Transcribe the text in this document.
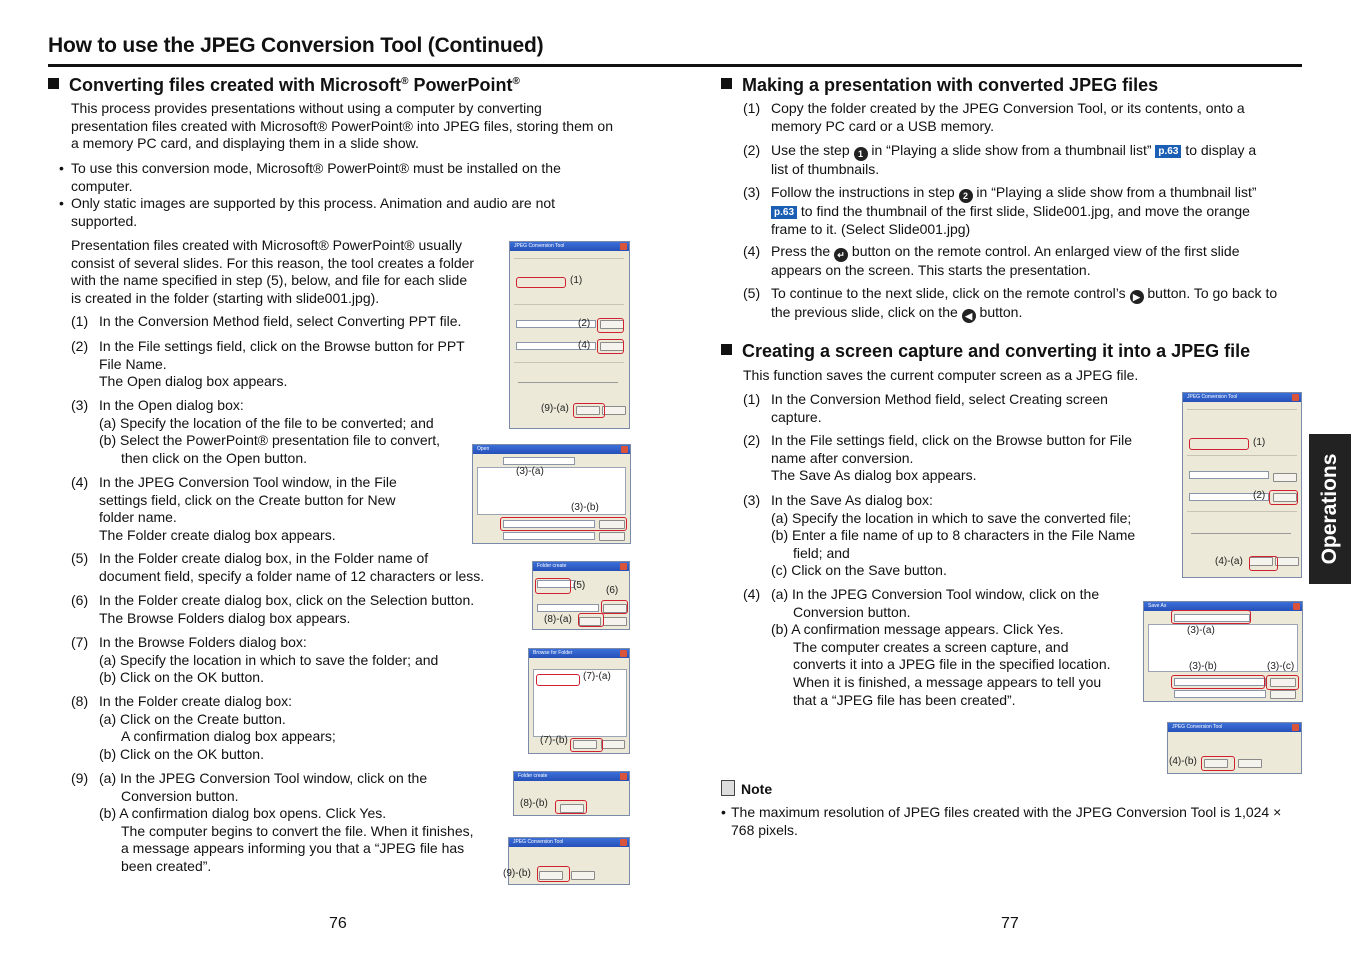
How to use the JPEG Conversion Tool (Continued)
Operations
Converting files created with Microsoft® PowerPoint®
This process provides presentations without using a computer by converting
presentation files created with Microsoft® PowerPoint® into JPEG files, storing them on
a memory PC card, and displaying them in a slide show.
• To use this conversion mode, Microsoft® PowerPoint® must be installed on the
computer.
• Only static images are supported by this process. Animation and audio are not
supported.
Presentation files created with Microsoft® PowerPoint® usually
consist of several slides. For this reason, the tool creates a folder
with the name specified in step (5), below, and file for each slide
is created in the folder (starting with slide001.jpg).
(1) In the Conversion Method field, select Converting PPT file.
(2) In the File settings field, click on the Browse button for PPT
File Name.
The Open dialog box appears.
(3) In the Open dialog box:
(a) Specify the location of the file to be converted; and
(b) Select the PowerPoint® presentation file to convert,
then click on the Open button.
(4) In the JPEG Conversion Tool window, in the File
settings field, click on the Create button for New
folder name.
The Folder create dialog box appears.
(5) In the Folder create dialog box, in the Folder name of
document field, specify a folder name of 12 characters or less.
(6) In the Folder create dialog box, click on the Selection button.
The Browse Folders dialog box appears.
(7) In the Browse Folders dialog box:
(a) Specify the location in which to save the folder; and
(b) Click on the OK button.
(8) In the Folder create dialog box:
(a) Click on the Create button.
A confirmation dialog box appears;
(b) Click on the OK button.
(9) (a) In the JPEG Conversion Tool window, click on the
Conversion button.
(b) A confirmation dialog box opens. Click Yes.
The computer begins to convert the file. When it finishes,
a message appears informing you that a “JPEG file has
been created”.
JPEG Conversion Tool
(1)
(2)
(4)
(9)-(a)
Open
(3)-(a)
(3)-(b)
Folder create
(5) (6)
(8)-(a)
Browse for Folder
(7)-(a)
(7)-(b)
Folder create
(8)-(b)
JPEG Conversion Tool
(9)-(b)
76
Making a presentation with converted JPEG files
(1) Copy the folder created by the JPEG Conversion Tool, or its contents, onto a
memory PC card or a USB memory.
(2) Use the step 1 in “Playing a slide show from a thumbnail list” p.63 to display a
list of thumbnails.
(3) Follow the instructions in step 2 in “Playing a slide show from a thumbnail list”
p.63 to find the thumbnail of the first slide, Slide001.jpg, and move the orange
frame to it. (Select Slide001.jpg)
(4) Press the ↵ button on the remote control. An enlarged view of the first slide
appears on the screen. This starts the presentation.
(5) To continue to the next slide, click on the remote control’s ▶ button. To go back to
the previous slide, click on the ◀ button.
Creating a screen capture and converting it into a JPEG file
This function saves the current computer screen as a JPEG file.
(1) In the Conversion Method field, select Creating screen
capture.
(2) In the File settings field, click on the Browse button for File
name after conversion.
The Save As dialog box appears.
(3) In the Save As dialog box:
(a) Specify the location in which to save the converted file;
(b) Enter a file name of up to 8 characters in the File Name
field; and
(c) Click on the Save button.
(4) (a) In the JPEG Conversion Tool window, click on the
Conversion button.
(b) A confirmation message appears. Click Yes.
The computer creates a screen capture, and
converts it into a JPEG file in the specified location.
When it is finished, a message appears to tell you
that a “JPEG file has been created”.
JPEG Conversion Tool
(1)
(2)
(4)-(a)
Save As
(3)-(a)
(3)-(b)	(3)-(c)
JPEG Conversion Tool
(4)-(b)
Note
• The maximum resolution of JPEG files created with the JPEG Conversion Tool is 1,024 ×
768 pixels.
77
